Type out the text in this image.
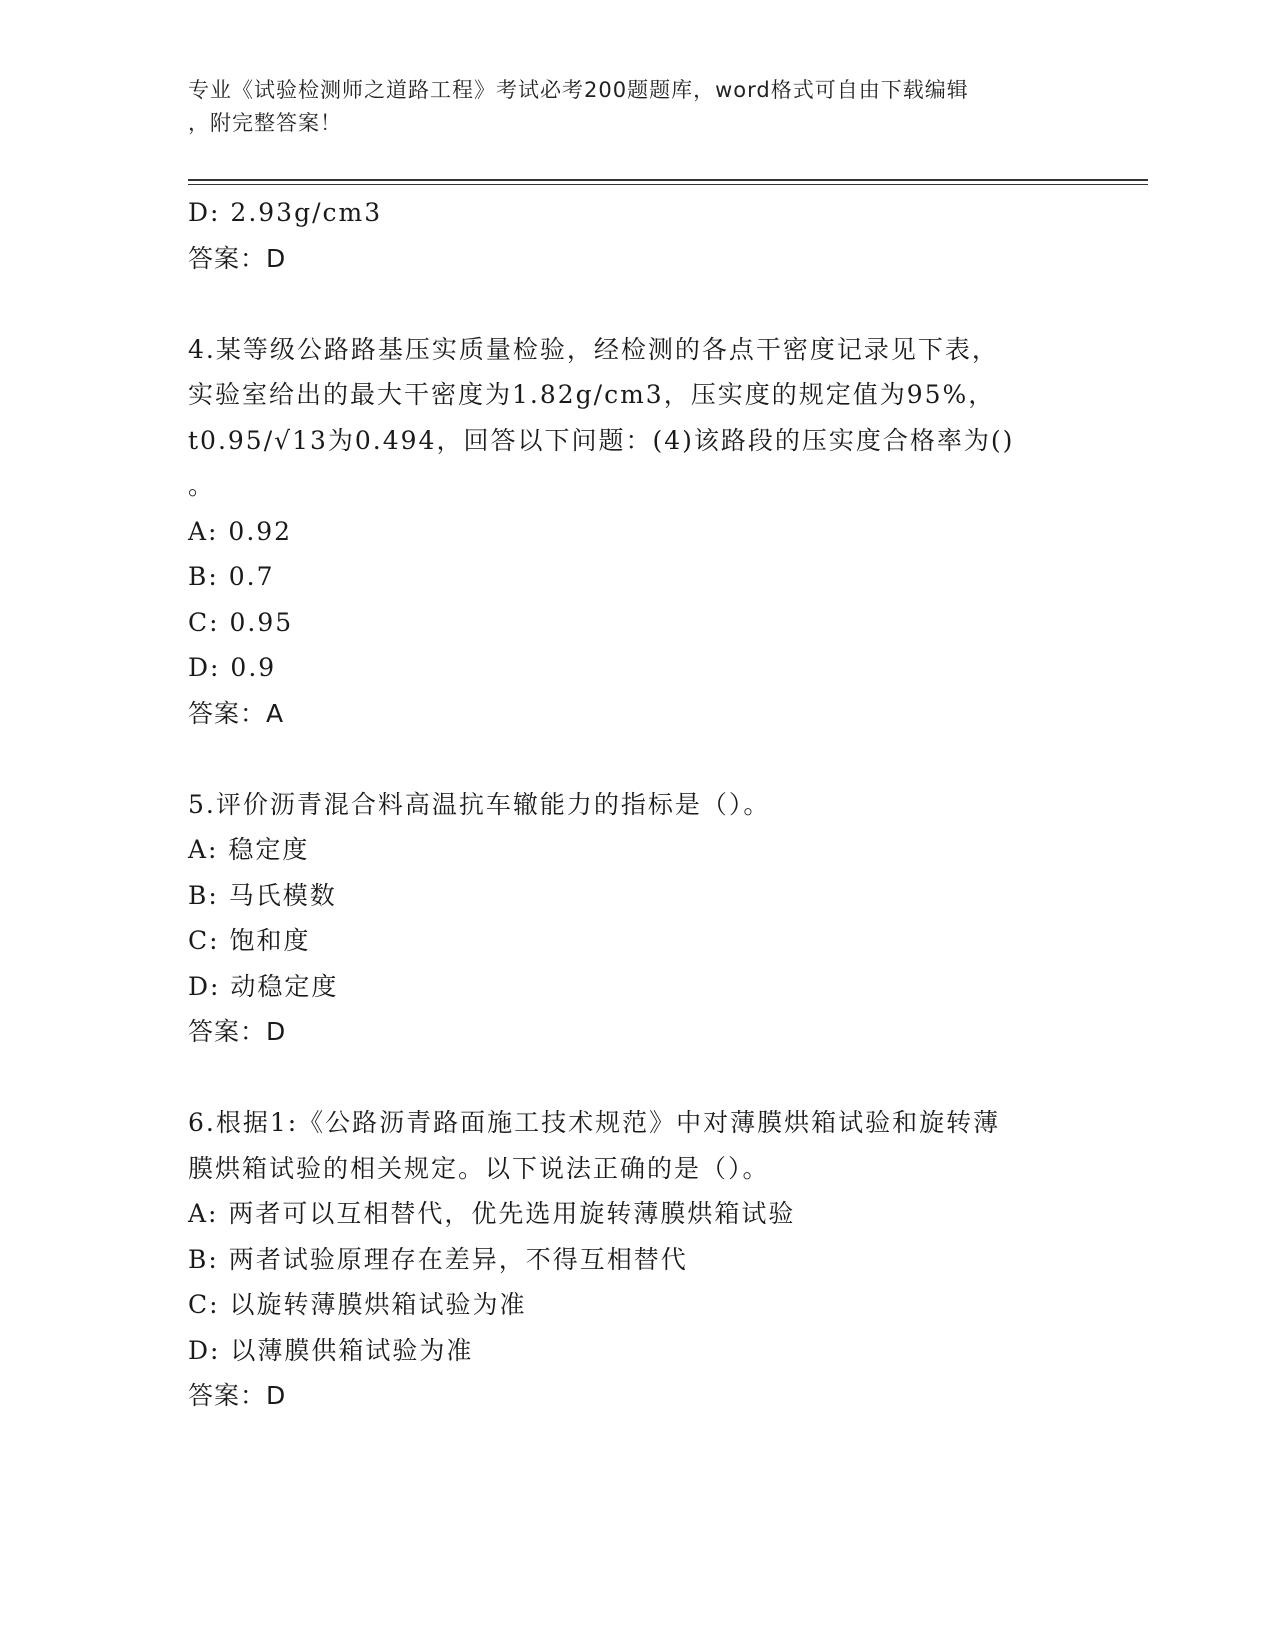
专业《试验检测师之道路工程》考试必考200题题库，word格式可自由下载编辑
，附完整答案！
D: 2.93g/cm3
答案：D
4.某等级公路路基压实质量检验，经检测的各点干密度记录见下表，
实验室给出的最大干密度为1.82g/cm3，压实度的规定值为95%，
t0.95/√13为0.494，回答以下问题：(4)该路段的压实度合格率为()
。
A: 0.92
B: 0.7
C: 0.95
D: 0.9
答案：A
5.评价沥青混合料高温抗车辙能力的指标是（）。
A: 稳定度
B: 马氏模数
C: 饱和度
D: 动稳定度
答案：D
6.根据1:《公路沥青路面施工技术规范》中对薄膜烘箱试验和旋转薄
膜烘箱试验的相关规定。以下说法正确的是（）。
A: 两者可以互相替代，优先选用旋转薄膜烘箱试验
B: 两者试验原理存在差异，不得互相替代
C: 以旋转薄膜烘箱试验为准
D: 以薄膜供箱试验为准
答案：D
